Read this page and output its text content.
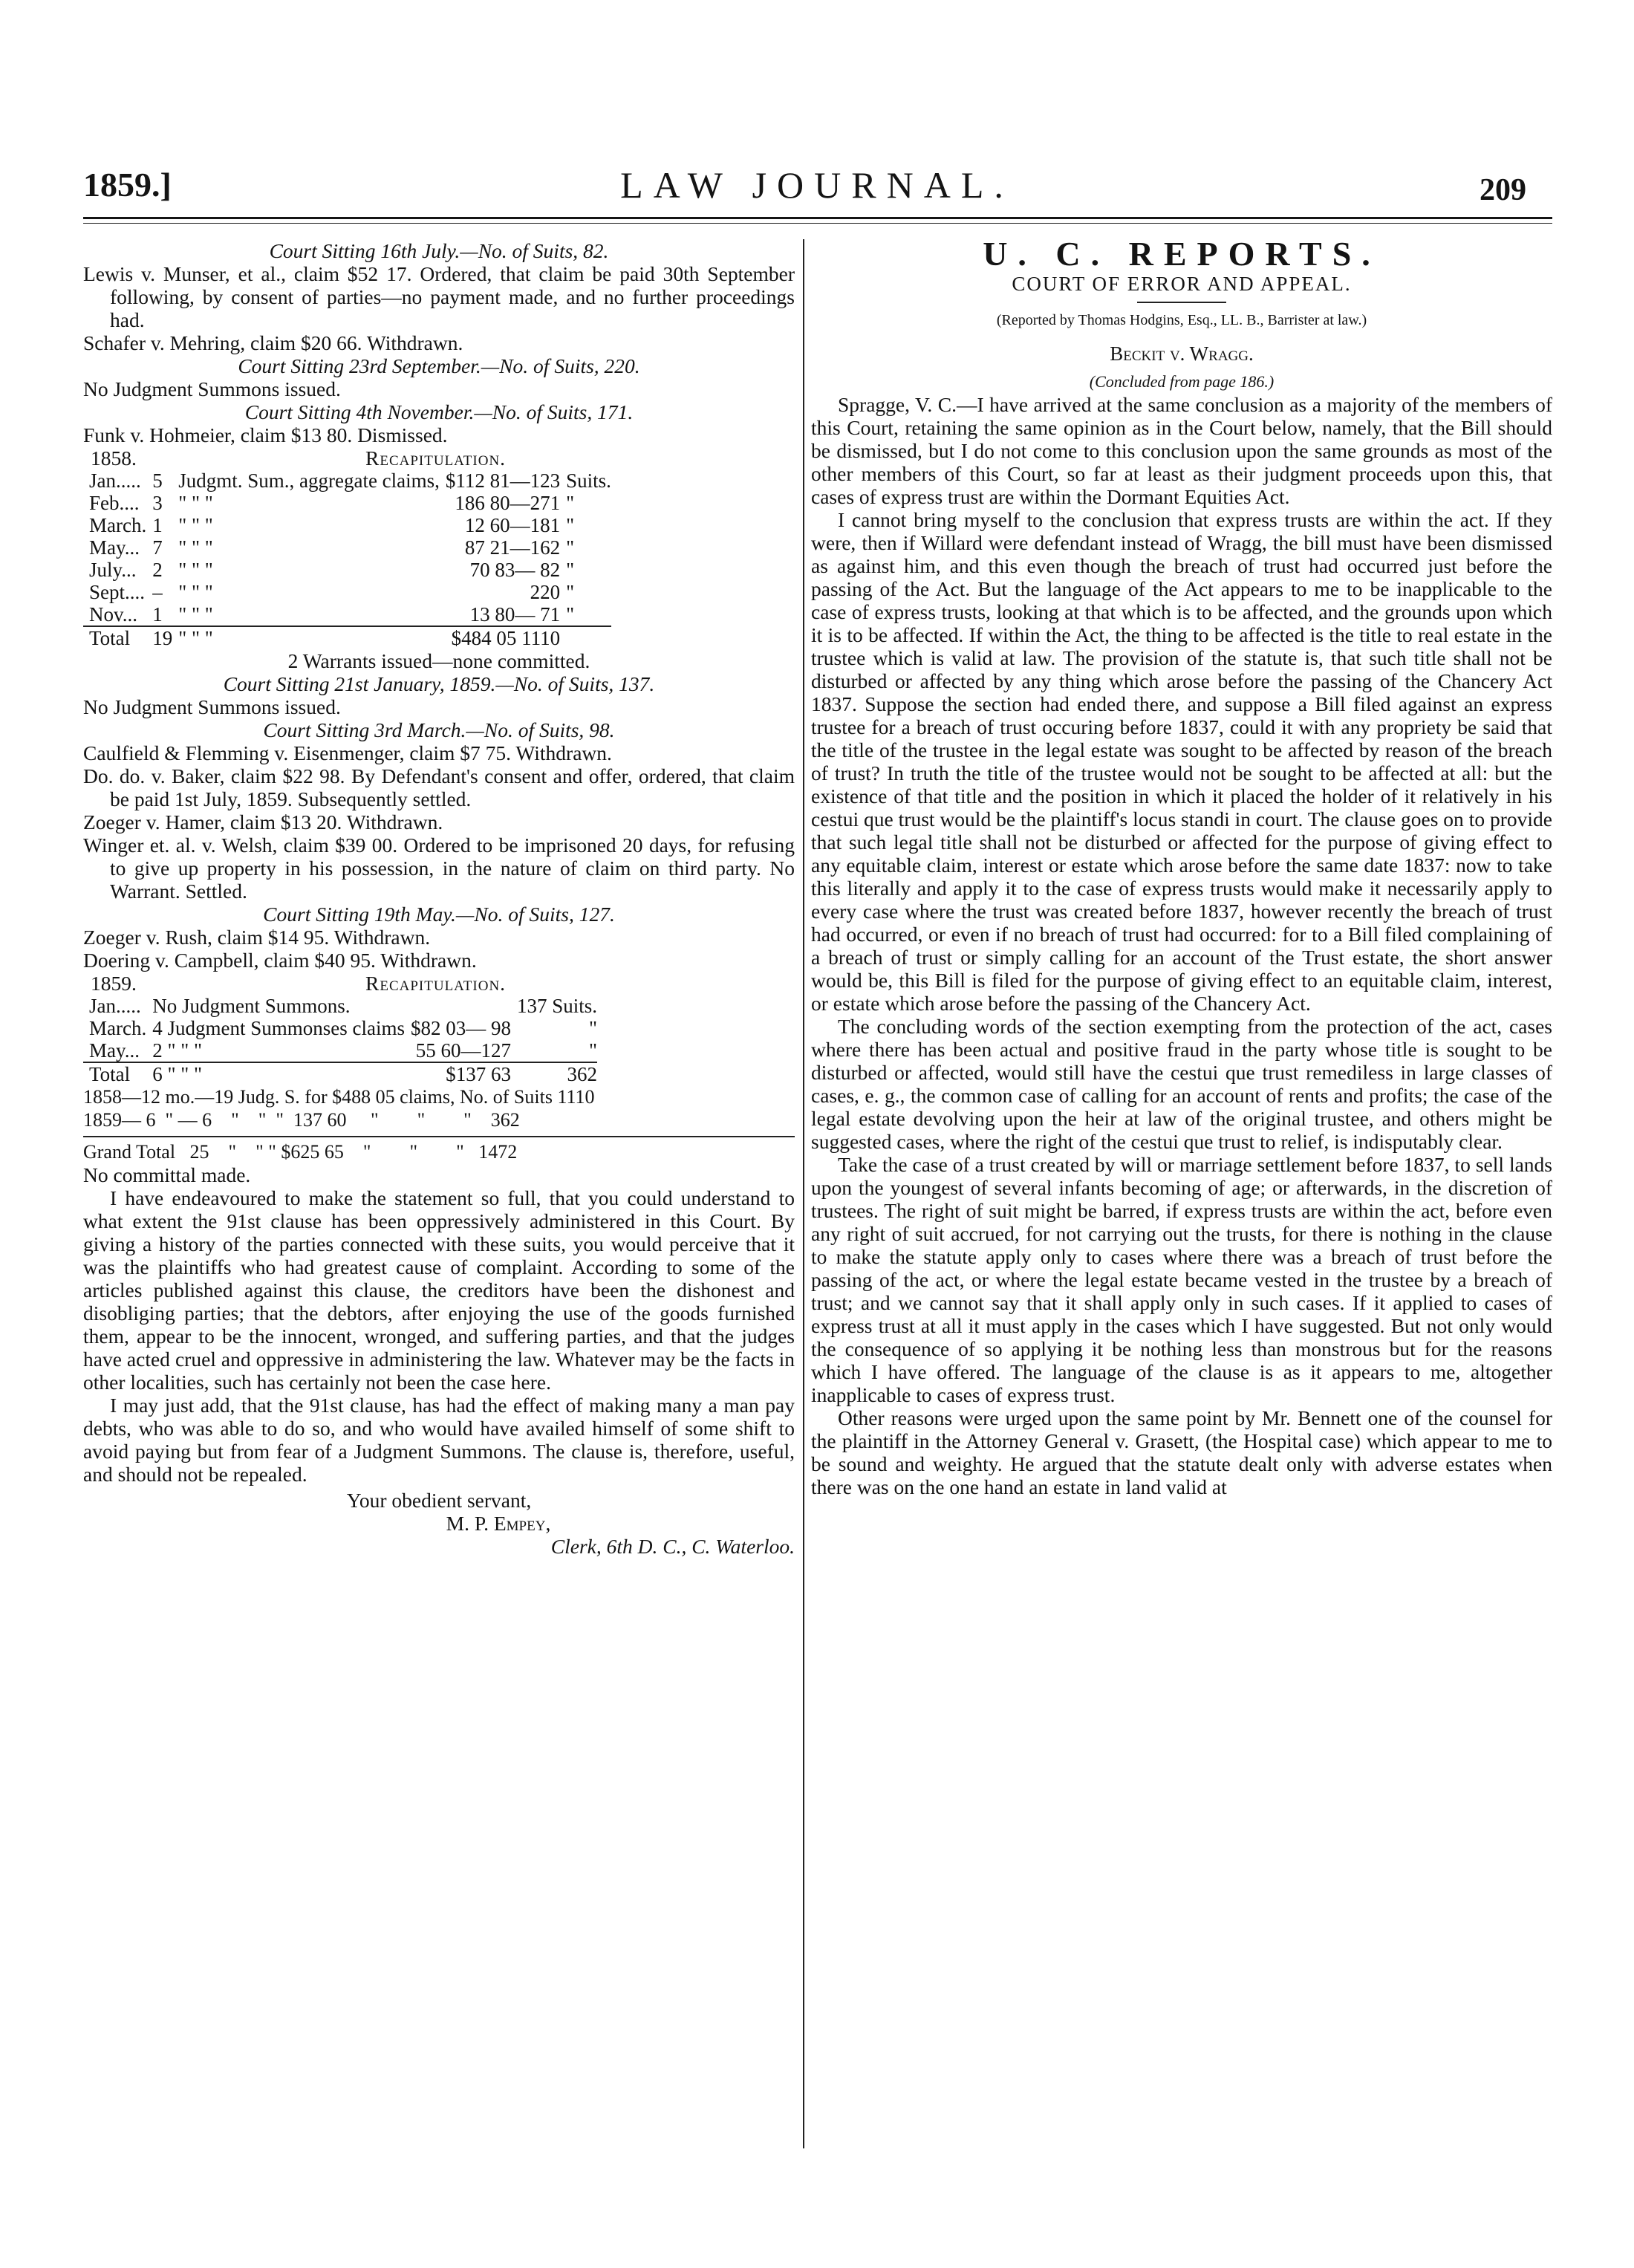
1859.]	LAW JOURNAL.	209

Court Sitting 16th July.—No. of Suits, 82.

Lewis v. Munser, et al., claim $52 17. Ordered, that claim be paid 30th September following, by consent of parties—no payment made, and no further proceedings had.

Schafer v. Mehring, claim $20 66. Withdrawn.

Court Sitting 23rd September.—No. of Suits, 220.

No Judgment Summons issued.

Court Sitting 4th November.—No. of Suits, 171.

Funk v. Hohmeier, claim $13 80. Dismissed.

1858.	Recapitulation.
Jan.....	5	Judgmt. Sum., aggregate claims,	$112 81—123	Suits.
Feb....	3	" " "	186 80—271	"
March.	1	" " "	12 60—181	"
May...	7	" " "	87 21—162	"
July...	2	" " "	70 83— 82	"
Sept....	–	" " "	220	"
Nov...	1	" " "	13 80— 71	"
Total	19	" " "	$484 05 1110	

2 Warrants issued—none committed.

Court Sitting 21st January, 1859.—No. of Suits, 137.

No Judgment Summons issued.

Court Sitting 3rd March.—No. of Suits, 98.

Caulfield & Flemming v. Eisenmenger, claim $7 75. Withdrawn.

Do. do. v. Baker, claim $22 98. By Defendant's consent and offer, ordered, that claim be paid 1st July, 1859. Subsequently settled.

Zoeger v. Hamer, claim $13 20. Withdrawn.

Winger et. al. v. Welsh, claim $39 00. Ordered to be imprisoned 20 days, for refusing to give up property in his possession, in the nature of claim on third party. No Warrant. Settled.

Court Sitting 19th May.—No. of Suits, 127.

Zoeger v. Rush, claim $14 95. Withdrawn.

Doering v. Campbell, claim $40 95. Withdrawn.

1859.	Recapitulation.
Jan.....	No Judgment Summons.		137 Suits.
March.	4 Judgment Summonses claims	$82 03— 98	"
May...	2 " " "	55 60—127	"
Total	6 " " "	$137 63	362

1858—12 mo.—19 Judg. S. for $488 05 claims, No. of Suits 1110

1859— 6  " — 6    "    "  "  137 60     "        "        "    362

Grand Total   25    "    " " $625 65    "        "        "   1472

No committal made.

I have endeavoured to make the statement so full, that you could understand to what extent the 91st clause has been oppressively administered in this Court. By giving a history of the parties connected with these suits, you would perceive that it was the plaintiffs who had greatest cause of complaint. According to some of the articles published against this clause, the creditors have been the dishonest and disobliging parties; that the debtors, after enjoying the use of the goods furnished them, appear to be the innocent, wronged, and suffering parties, and that the judges have acted cruel and oppressive in administering the law. Whatever may be the facts in other localities, such has certainly not been the case here.

I may just add, that the 91st clause, has had the effect of making many a man pay debts, who was able to do so, and who would have availed himself of some shift to avoid paying but from fear of a Judgment Summons. The clause is, therefore, useful, and should not be repealed.

Your obedient servant,

M. P. Empey,

Clerk, 6th D. C., C. Waterloo.

U. C. REPORTS.

COURT OF ERROR AND APPEAL.

(Reported by Thomas Hodgins, Esq., LL. B., Barrister at law.)

Beckit v. Wragg.

(Concluded from page 186.)

Spragge, V. C.—I have arrived at the same conclusion as a majority of the members of this Court, retaining the same opinion as in the Court below, namely, that the Bill should be dismissed, but I do not come to this conclusion upon the same grounds as most of the other members of this Court, so far at least as their judgment proceeds upon this, that cases of express trust are within the Dormant Equities Act.

I cannot bring myself to the conclusion that express trusts are within the act. If they were, then if Willard were defendant instead of Wragg, the bill must have been dismissed as against him, and this even though the breach of trust had occurred just before the passing of the Act. But the language of the Act appears to me to be inapplicable to the case of express trusts, looking at that which is to be affected, and the grounds upon which it is to be affected. If within the Act, the thing to be affected is the title to real estate in the trustee which is valid at law. The provision of the statute is, that such title shall not be disturbed or affected by any thing which arose before the passing of the Chancery Act 1837. Suppose the section had ended there, and suppose a Bill filed against an express trustee for a breach of trust occuring before 1837, could it with any propriety be said that the title of the trustee in the legal estate was sought to be affected by reason of the breach of trust? In truth the title of the trustee would not be sought to be affected at all: but the existence of that title and the position in which it placed the holder of it relatively in his cestui que trust would be the plaintiff's locus standi in court. The clause goes on to provide that such legal title shall not be disturbed or affected for the purpose of giving effect to any equitable claim, interest or estate which arose before the same date 1837: now to take this literally and apply it to the case of express trusts would make it necessarily apply to every case where the trust was created before 1837, however recently the breach of trust had occurred, or even if no breach of trust had occurred: for to a Bill filed complaining of a breach of trust or simply calling for an account of the Trust estate, the short answer would be, this Bill is filed for the purpose of giving effect to an equitable claim, interest, or estate which arose before the passing of the Chancery Act.

The concluding words of the section exempting from the protection of the act, cases where there has been actual and positive fraud in the party whose title is sought to be disturbed or affected, would still have the cestui que trust remediless in large classes of cases, e. g., the common case of calling for an account of rents and profits; the case of the legal estate devolving upon the heir at law of the original trustee, and others might be suggested cases, where the right of the cestui que trust to relief, is indisputably clear.

Take the case of a trust created by will or marriage settlement before 1837, to sell lands upon the youngest of several infants becoming of age; or afterwards, in the discretion of trustees. The right of suit might be barred, if express trusts are within the act, before even any right of suit accrued, for not carrying out the trusts, for there is nothing in the clause to make the statute apply only to cases where there was a breach of trust before the passing of the act, or where the legal estate became vested in the trustee by a breach of trust; and we cannot say that it shall apply only in such cases. If it applied to cases of express trust at all it must apply in the cases which I have suggested. But not only would the consequence of so applying it be nothing less than monstrous but for the reasons which I have offered. The language of the clause is as it appears to me, altogether inapplicable to cases of express trust.

Other reasons were urged upon the same point by Mr. Bennett one of the counsel for the plaintiff in the Attorney General v. Grasett, (the Hospital case) which appear to me to be sound and weighty. He argued that the statute dealt only with adverse estates when there was on the one hand an estate in land valid at
